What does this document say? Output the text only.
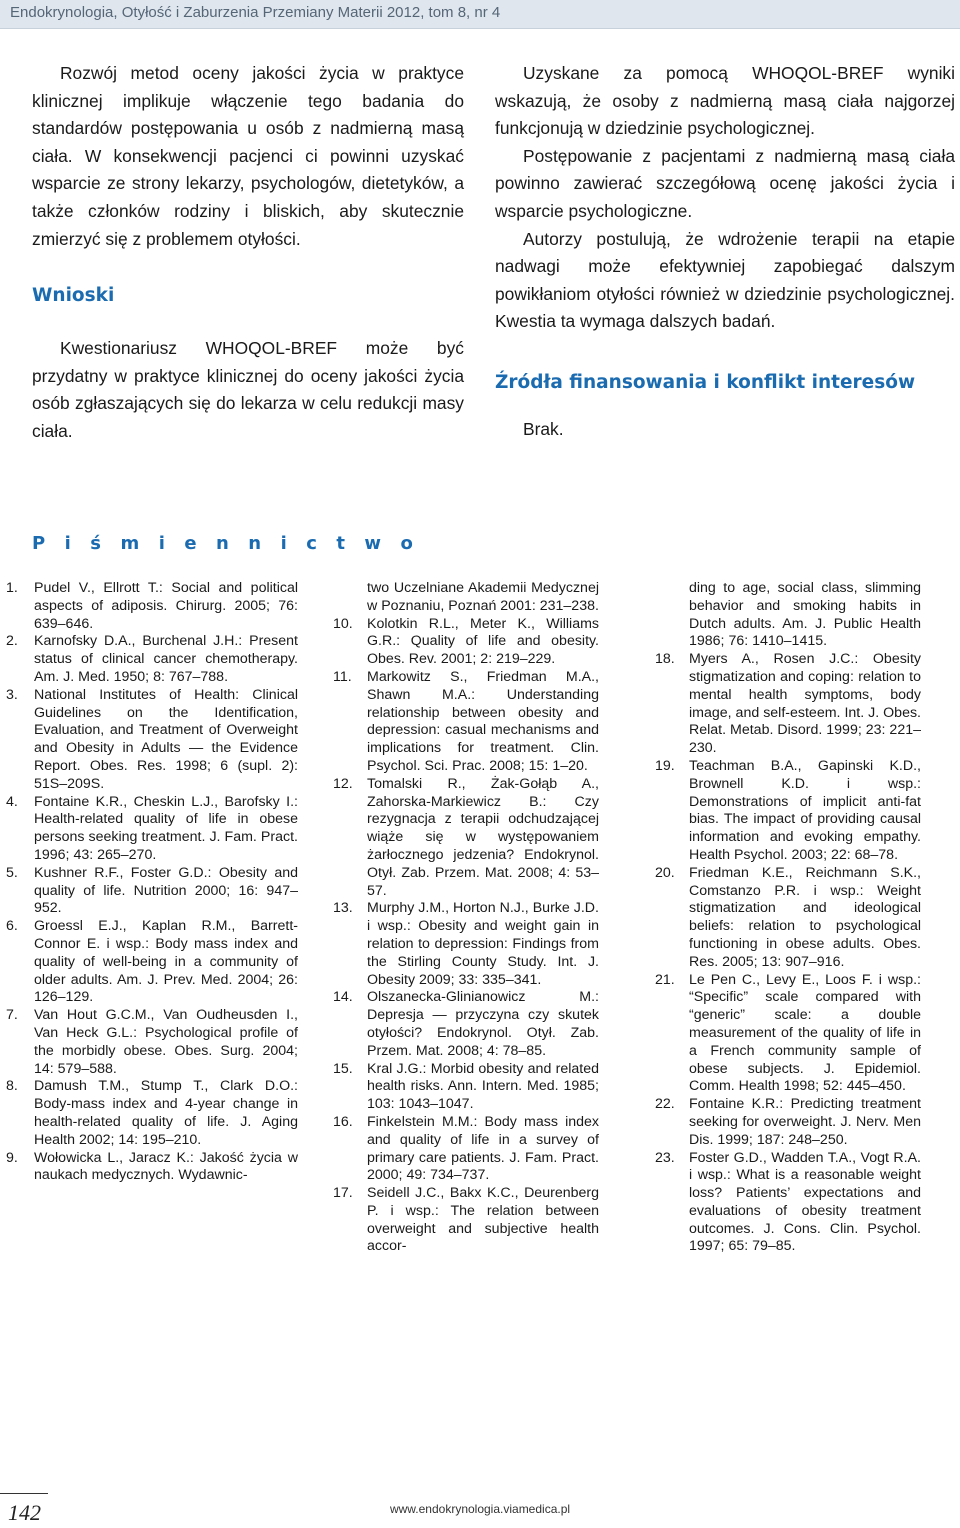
Endokrynologia, Otyłość i Zaburzenia Przemiany Materii 2012, tom 8, nr 4

Rozwój metod oceny jakości życia w praktyce klinicznej implikuje włączenie tego badania do standardów postępowania u osób z nadmierną masą ciała. W konsekwencji pacjenci ci powinni uzyskać wsparcie ze strony lekarzy, psychologów, dietetyków, a także członków rodziny i bliskich, aby skutecznie zmierzyć się z problemem otyłości.

Wnioski

Kwestionariusz WHOQOL-BREF może być przydatny w praktyce klinicznej do oceny jakości życia osób zgłaszających się do lekarza w celu redukcji masy ciała.

Uzyskane za pomocą WHOQOL-BREF wyniki wskazują, że osoby z nadmierną masą ciała najgorzej funkcjonują w dziedzinie psychologicznej.

Postępowanie z pacjentami z nadmierną masą ciała powinno zawierać szczegółową ocenę jakości życia i wsparcie psychologiczne.

Autorzy postulują, że wdrożenie terapii na etapie nadwagi może efektywniej zapobiegać dalszym powikłaniom otyłości również w dziedzinie psychologicznej. Kwestia ta wymaga dalszych badań.

Źródła finansowania i konflikt interesów

Brak.

P i ś m i e n n i c t w o
1.	Pudel V., Ellrott T.: Social and political aspects of adiposis. Chirurg. 2005; 76: 639–646.
2.	Karnofsky D.A., Burchenal J.H.: Present status of clinical cancer chemotherapy. Am. J. Med. 1950; 8: 767–788.
3.	National Institutes of Health: Clinical Guidelines on the Identification, Evaluation, and Treatment of Overweight and Obesity in Adults — the Evidence Report. Obes. Res. 1998; 6 (supl. 2): 51S–209S.
4.	Fontaine K.R., Cheskin L.J., Barofsky I.: Health-related quality of life in obese persons seeking treatment. J. Fam. Pract. 1996; 43: 265–270.
5.	Kushner R.F., Foster G.D.: Obesity and quality of life. Nutrition 2000; 16: 947–952.
6.	Groessl E.J., Kaplan R.M., Barrett-Connor E. i wsp.: Body mass index and quality of well-being in a community of older adults. Am. J. Prev. Med. 2004; 26: 126–129.
7.	Van Hout G.C.M., Van Oudheusden I., Van Heck G.L.: Psychological profile of the morbidly obese. Obes. Surg. 2004; 14: 579–588.
8.	Damush T.M., Stump T., Clark D.O.: Body-mass index and 4-year change in health-related quality of life. J. Aging Health 2002; 14: 195–210.
9.	Wołowicka L., Jaracz K.: Jakość życia w naukach medycznych. Wydawnic-
two Uczelniane Akademii Medycznej w Poznaniu, Poznań 2001: 231–238.
10.	Kolotkin R.L., Meter K., Williams G.R.: Quality of life and obesity. Obes. Rev. 2001; 2: 219–229.
11.	Markowitz S., Friedman M.A., Shawn M.A.: Understanding relationship between obesity and depression: casual mechanisms and implications for treatment. Clin. Psychol. Sci. Prac. 2008; 15: 1–20.
12.	Tomalski R., Żak-Gołąb A., Zahorska-Markiewicz B.: Czy rezygnacja z terapii odchudzającej wiąże się w występowaniem żarłocznego jedzenia? Endokrynol. Otył. Zab. Przem. Mat. 2008; 4: 53–57.
13.	Murphy J.M., Horton N.J., Burke J.D. i wsp.: Obesity and weight gain in relation to depression: Findings from the Stirling County Study. Int. J. Obesity 2009; 33: 335–341.
14.	Olszanecka-Glinianowicz M.: Depresja — przyczyna czy skutek otyłości? Endokrynol. Otył. Zab. Przem. Mat. 2008; 4: 78–85.
15.	Kral J.G.: Morbid obesity and related health risks. Ann. Intern. Med. 1985; 103: 1043–1047.
16.	Finkelstein M.M.: Body mass index and quality of life in a survey of primary care patients. J. Fam. Pract. 2000; 49: 734–737.
17.	Seidell J.C., Bakx K.C., Deurenberg P. i wsp.: The relation between overweight and subjective health accor-
ding to age, social class, slimming behavior and smoking habits in Dutch adults. Am. J. Public Health 1986; 76: 1410–1415.
18.	Myers A., Rosen J.C.: Obesity stigmatization and coping: relation to mental health symptoms, body image, and self-esteem. Int. J. Obes. Relat. Metab. Disord. 1999; 23: 221–230.
19.	Teachman B.A., Gapinski K.D., Brownell K.D. i wsp.: Demonstrations of implicit anti-fat bias. The impact of providing causal information and evoking empathy. Health Psychol. 2003; 22: 68–78.
20.	Friedman K.E., Reichmann S.K., Comstanzo P.R. i wsp.: Weight stigmatization and ideological beliefs: relation to psychological functioning in obese adults. Obes. Res. 2005; 13: 907–916.
21.	Le Pen C., Levy E., Loos F. i wsp.: “Specific” scale compared with “generic” scale: a double measurement of the quality of life in a French community sample of obese subjects. J. Epidemiol. Comm. Health 1998; 52: 445–450.
22.	Fontaine K.R.: Predicting treatment seeking for overweight. J. Nerv. Men Dis. 1999; 187: 248–250.
23.	Foster G.D., Wadden T.A., Vogt R.A. i wsp.: What is a reasonable weight loss? Patients’ expectations and evaluations of obesity treatment outcomes. J. Cons. Clin. Psychol. 1997; 65: 79–85.
142	www.endokrynologia.viamedica.pl
